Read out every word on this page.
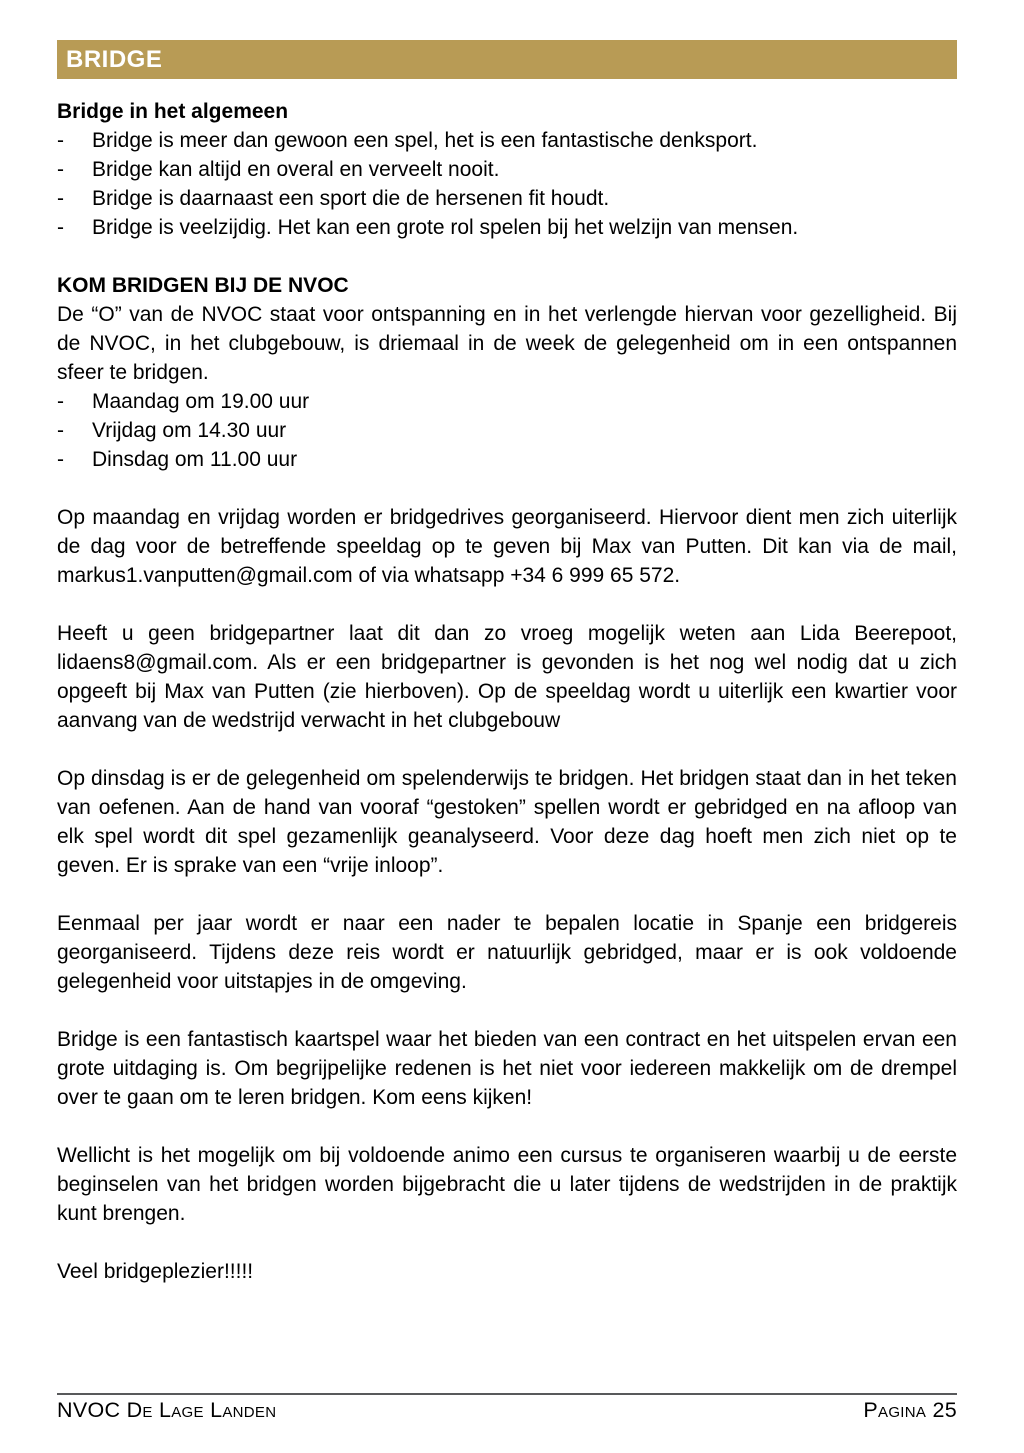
BRIDGE
Bridge in het algemeen
-	Bridge is meer dan gewoon een spel, het is een fantastische denksport.
-	Bridge kan altijd en overal en verveelt nooit.
-	Bridge is daarnaast een sport die de hersenen fit houdt.
-	Bridge is veelzijdig. Het kan een grote rol spelen bij het welzijn van mensen.
KOM BRIDGEN BIJ DE NVOC
De “O” van de NVOC staat voor ontspanning en in het verlengde hiervan voor gezelligheid. Bij de NVOC, in het clubgebouw, is driemaal in de week de gelegenheid om in een ontspannen sfeer te bridgen.
-	Maandag om 19.00 uur
-	Vrijdag om 14.30 uur
-	Dinsdag om 11.00 uur
Op maandag en vrijdag worden er bridgedrives georganiseerd. Hiervoor dient men zich uiterlijk de dag voor de betreffende speeldag op te geven bij Max van Putten. Dit kan via de mail, markus1.vanputten@gmail.com of via whatsapp +34 6 999 65 572.
Heeft u geen bridgepartner laat dit dan zo vroeg mogelijk weten aan Lida Beerepoot, lidaens8@gmail.com. Als er een bridgepartner is gevonden is het nog wel nodig dat u zich opgeeft bij Max van Putten (zie hierboven). Op de speeldag wordt u uiterlijk een kwartier voor aanvang van de wedstrijd verwacht in het clubgebouw
Op dinsdag is er de gelegenheid om spelenderwijs te bridgen. Het bridgen staat dan in het teken van oefenen. Aan de hand van vooraf “gestoken” spellen wordt er gebridged en na afloop van elk spel wordt dit spel gezamenlijk geanalyseerd. Voor deze dag hoeft men zich niet op te geven. Er is sprake van een “vrije inloop”.
Eenmaal per jaar wordt er naar een nader te bepalen locatie in Spanje een bridgereis georganiseerd. Tijdens deze reis wordt er natuurlijk gebridged, maar er is ook voldoende gelegenheid voor uitstapjes in de omgeving.
Bridge is een fantastisch kaartspel waar het bieden van een contract en het uitspelen ervan een grote uitdaging is. Om begrijpelijke redenen is het niet voor iedereen makkelijk om de drempel over te gaan om te leren bridgen. Kom eens kijken!
Wellicht is het mogelijk om bij voldoende animo een cursus te organiseren waarbij u de eerste beginselen van het bridgen worden bijgebracht die u later tijdens de wedstrijden in de praktijk kunt brengen.
Veel bridgeplezier!!!!!
NVOC De Lage Landen	Pagina 25
